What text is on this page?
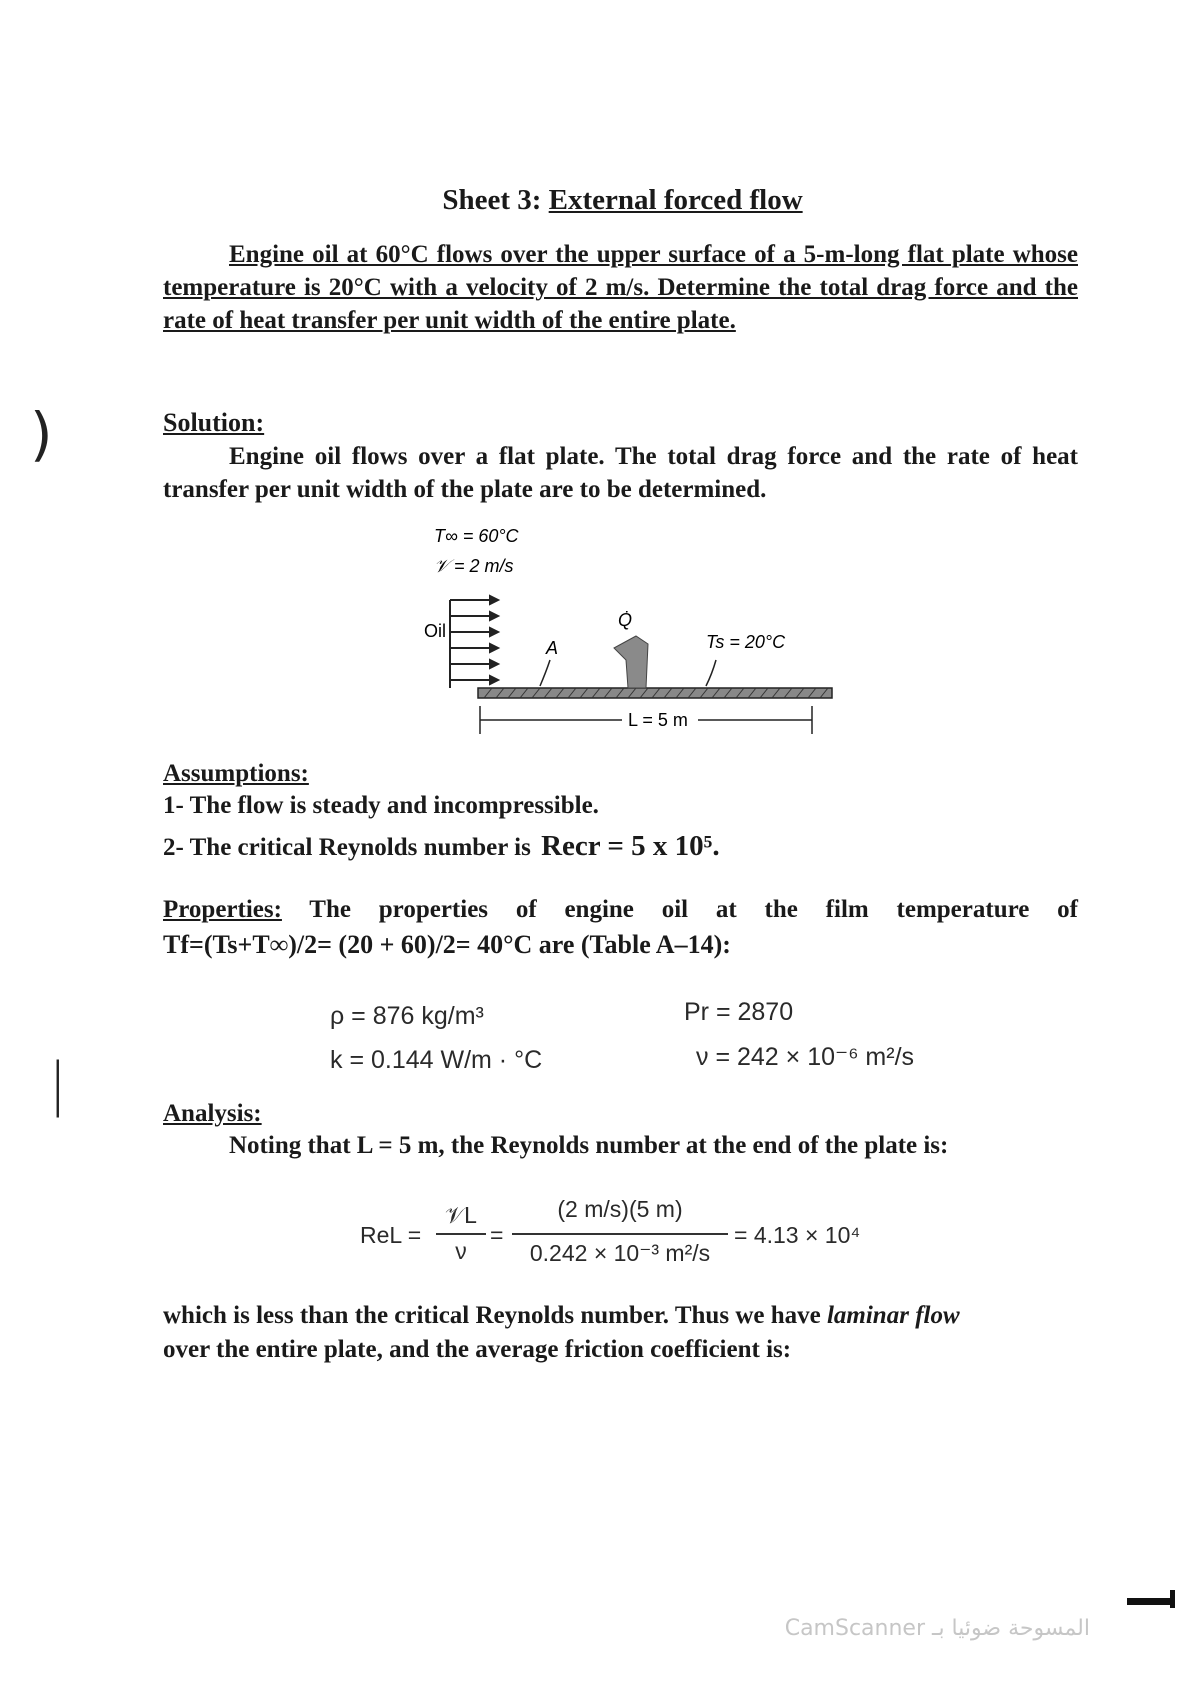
Sheet 3: External forced flow
Engine oil at 60°C flows over the upper surface of a 5-m-long flat plate whose temperature is 20°C with a velocity of 2 m/s. Determine the total drag force and the rate of heat transfer per unit width of the entire plate.
)
|
Solution:
Engine oil flows over a flat plate. The total drag force and the rate of heat transfer per unit width of the plate are to be determined.
T∞ = 60°C
𝒱 = 2 m/s
Oil
A
Q̇
Ts = 20°C
L = 5 m
Assumptions:
1- The flow is steady and incompressible.
2- The critical Reynolds number is Recr = 5 x 10⁵.
Properties: The properties of engine oil at the film temperature of
Tf=(Ts+T∞)/2= (20 + 60)/2= 40°C are (Table A–14):
ρ = 876 kg/m³
k = 0.144 W/m · °C
Pr = 2870
ν = 242 × 10⁻⁶ m²/s
Analysis:
Noting that L = 5 m, the Reynolds number at the end of the plate is:
ReL =
𝒱L
ν
=
(2 m/s)(5 m)
0.242 × 10⁻³ m²/s
= 4.13 × 10⁴
which is less than the critical Reynolds number. Thus we have laminar flow
over the entire plate, and the average friction coefficient is:
CamScanner المسوحة ضوئيا بـ
